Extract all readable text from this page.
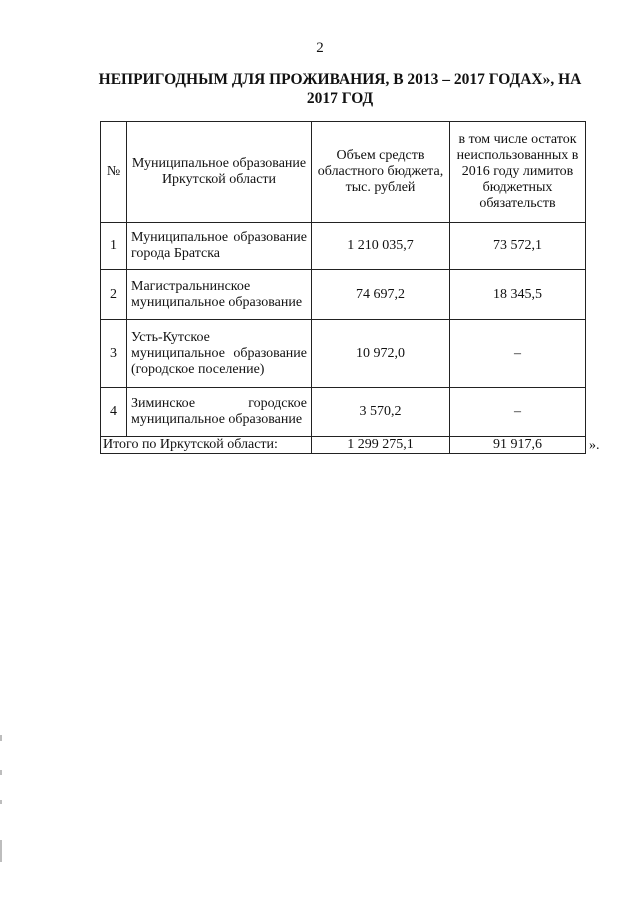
2
НЕПРИГОДНЫМ ДЛЯ ПРОЖИВАНИЯ, В 2013 – 2017 ГОДАХ», НА
2017 ГОД
№	Муниципальное образование Иркутской области	Объем средств областного бюджета, тыс. рублей	в том числе остаток неиспользованных в 2016 году лимитов бюджетных обязательств
1	Муниципальное образование города Братска	1 210 035,7	73 572,1
2	Магистральнинское муниципальное образование	74 697,2	18 345,5
3	Усть-Кутское муниципальное образование (городское поселение)	10 972,0	–
4	Зиминское городское муниципальное образование	3 570,2	–
Итого по Иркутской области:		1 299 275,1	91 917,6	».
